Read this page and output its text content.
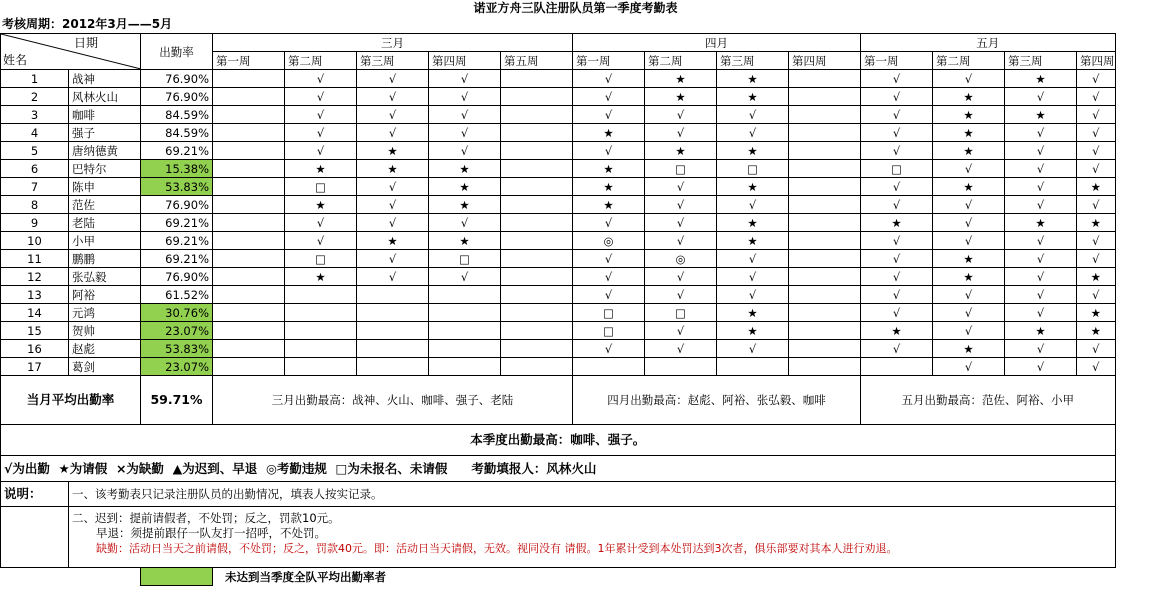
诺亚方舟三队注册队员第一季度考勤表
考核周期：2012年3月——5月
日期
姓名		出勤率	三月					四月				五月			
			第一周	第二周	第三周	第四周	第五周	第一周	第二周	第三周	第四周	第一周	第二周	第三周	第四周
1	战神	76.90%		√	√	√		√	★	★		√	√	★	√
2	风林火山	76.90%		√	√	√		√	★	★		√	★	√	√
3	咖啡	84.59%		√	√	√		√	√	√		√	★	★	√
4	强子	84.59%		√	√	√		★	√	√		√	★	√	√
5	唐纳德黄	69.21%		√	★	√		√	★	★		√	★	√	√
6	巴特尔	15.38%		★	★	★		★	□	□		□	√	√	√
7	陈申	53.83%		□	√	★		★	√	★		√	★	√	★
8	范佐	76.90%		★	√	★		★	√	√		√	√	√	√
9	老陆	69.21%		√	√	√		√	√	★		★	√	★	★
10	小甲	69.21%		√	★	★		◎	√	★		√	√	√	√
11	鹏鹏	69.21%		□	√	□		√	◎	√		√	★	√	√
12	张弘毅	76.90%		★	√	√		√	√	√		√	★	√	★
13	阿裕	61.52%						√	√	√		√	√	√	√
14	元鸿	30.76%						□	□	★		√	√	√	★
15	贺帅	23.07%						□	√	★		★	√	★	★
16	赵彪	53.83%						√	√	√		√	★	√	√
17	葛剑	23.07%											√	√	√
当月平均出勤率		59.71%	三月出勤最高：战神、火山、咖啡、强子、老陆					四月出勤最高：赵彪、阿裕、张弘毅、咖啡				五月出勤最高：范佐、阿裕、小甲			
本季度出勤最高：咖啡、强子。															
√为出勤  ★为请假  ×为缺勤  ▲为迟到、早退  ◎考勤违规  □为未报名、未请假 考勤填报人：风林火山															
说明：	一、该考勤表只记录注册队员的出勤情况，填表人按实记录。														

	二、迟到：提前请假者，不处罚；反之，罚款10元。
早退：须提前跟仔一队友打一招呼，不处罚。
缺勤：活动日当天之前请假，不处罚；反之，罚款40元。即：活动日当天请假，无效。视同没有 请假。1年累计受到本处罚达到3次者，俱乐部要对其本人进行劝退。														

			未达到当季度全队平均出勤率者												
